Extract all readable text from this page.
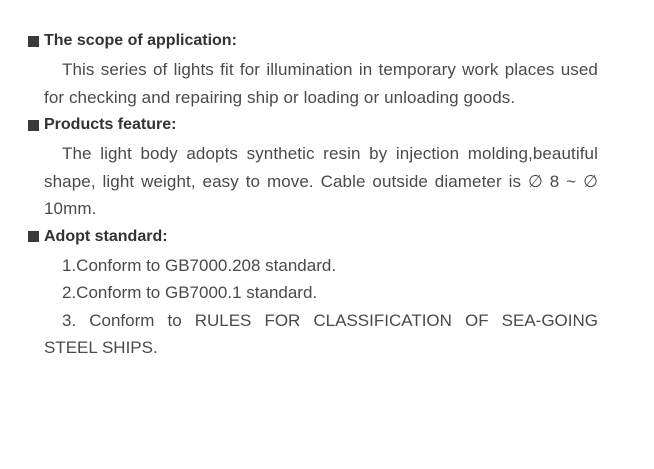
The scope of application:

This series of lights fit for illumination in temporary work places used for checking and repairing ship or loading or unloading goods.

Products feature:

The light body adopts synthetic resin by injection molding,beautiful shape, light weight, easy to move. Cable outside diameter is ∅ 8 ~ ∅ 10mm.

Adopt standard:

1.Conform to GB7000.208 standard.

2.Conform to GB7000.1 standard.

3. Conform to RULES FOR CLASSIFICATION OF SEA-GOING STEEL SHIPS.
